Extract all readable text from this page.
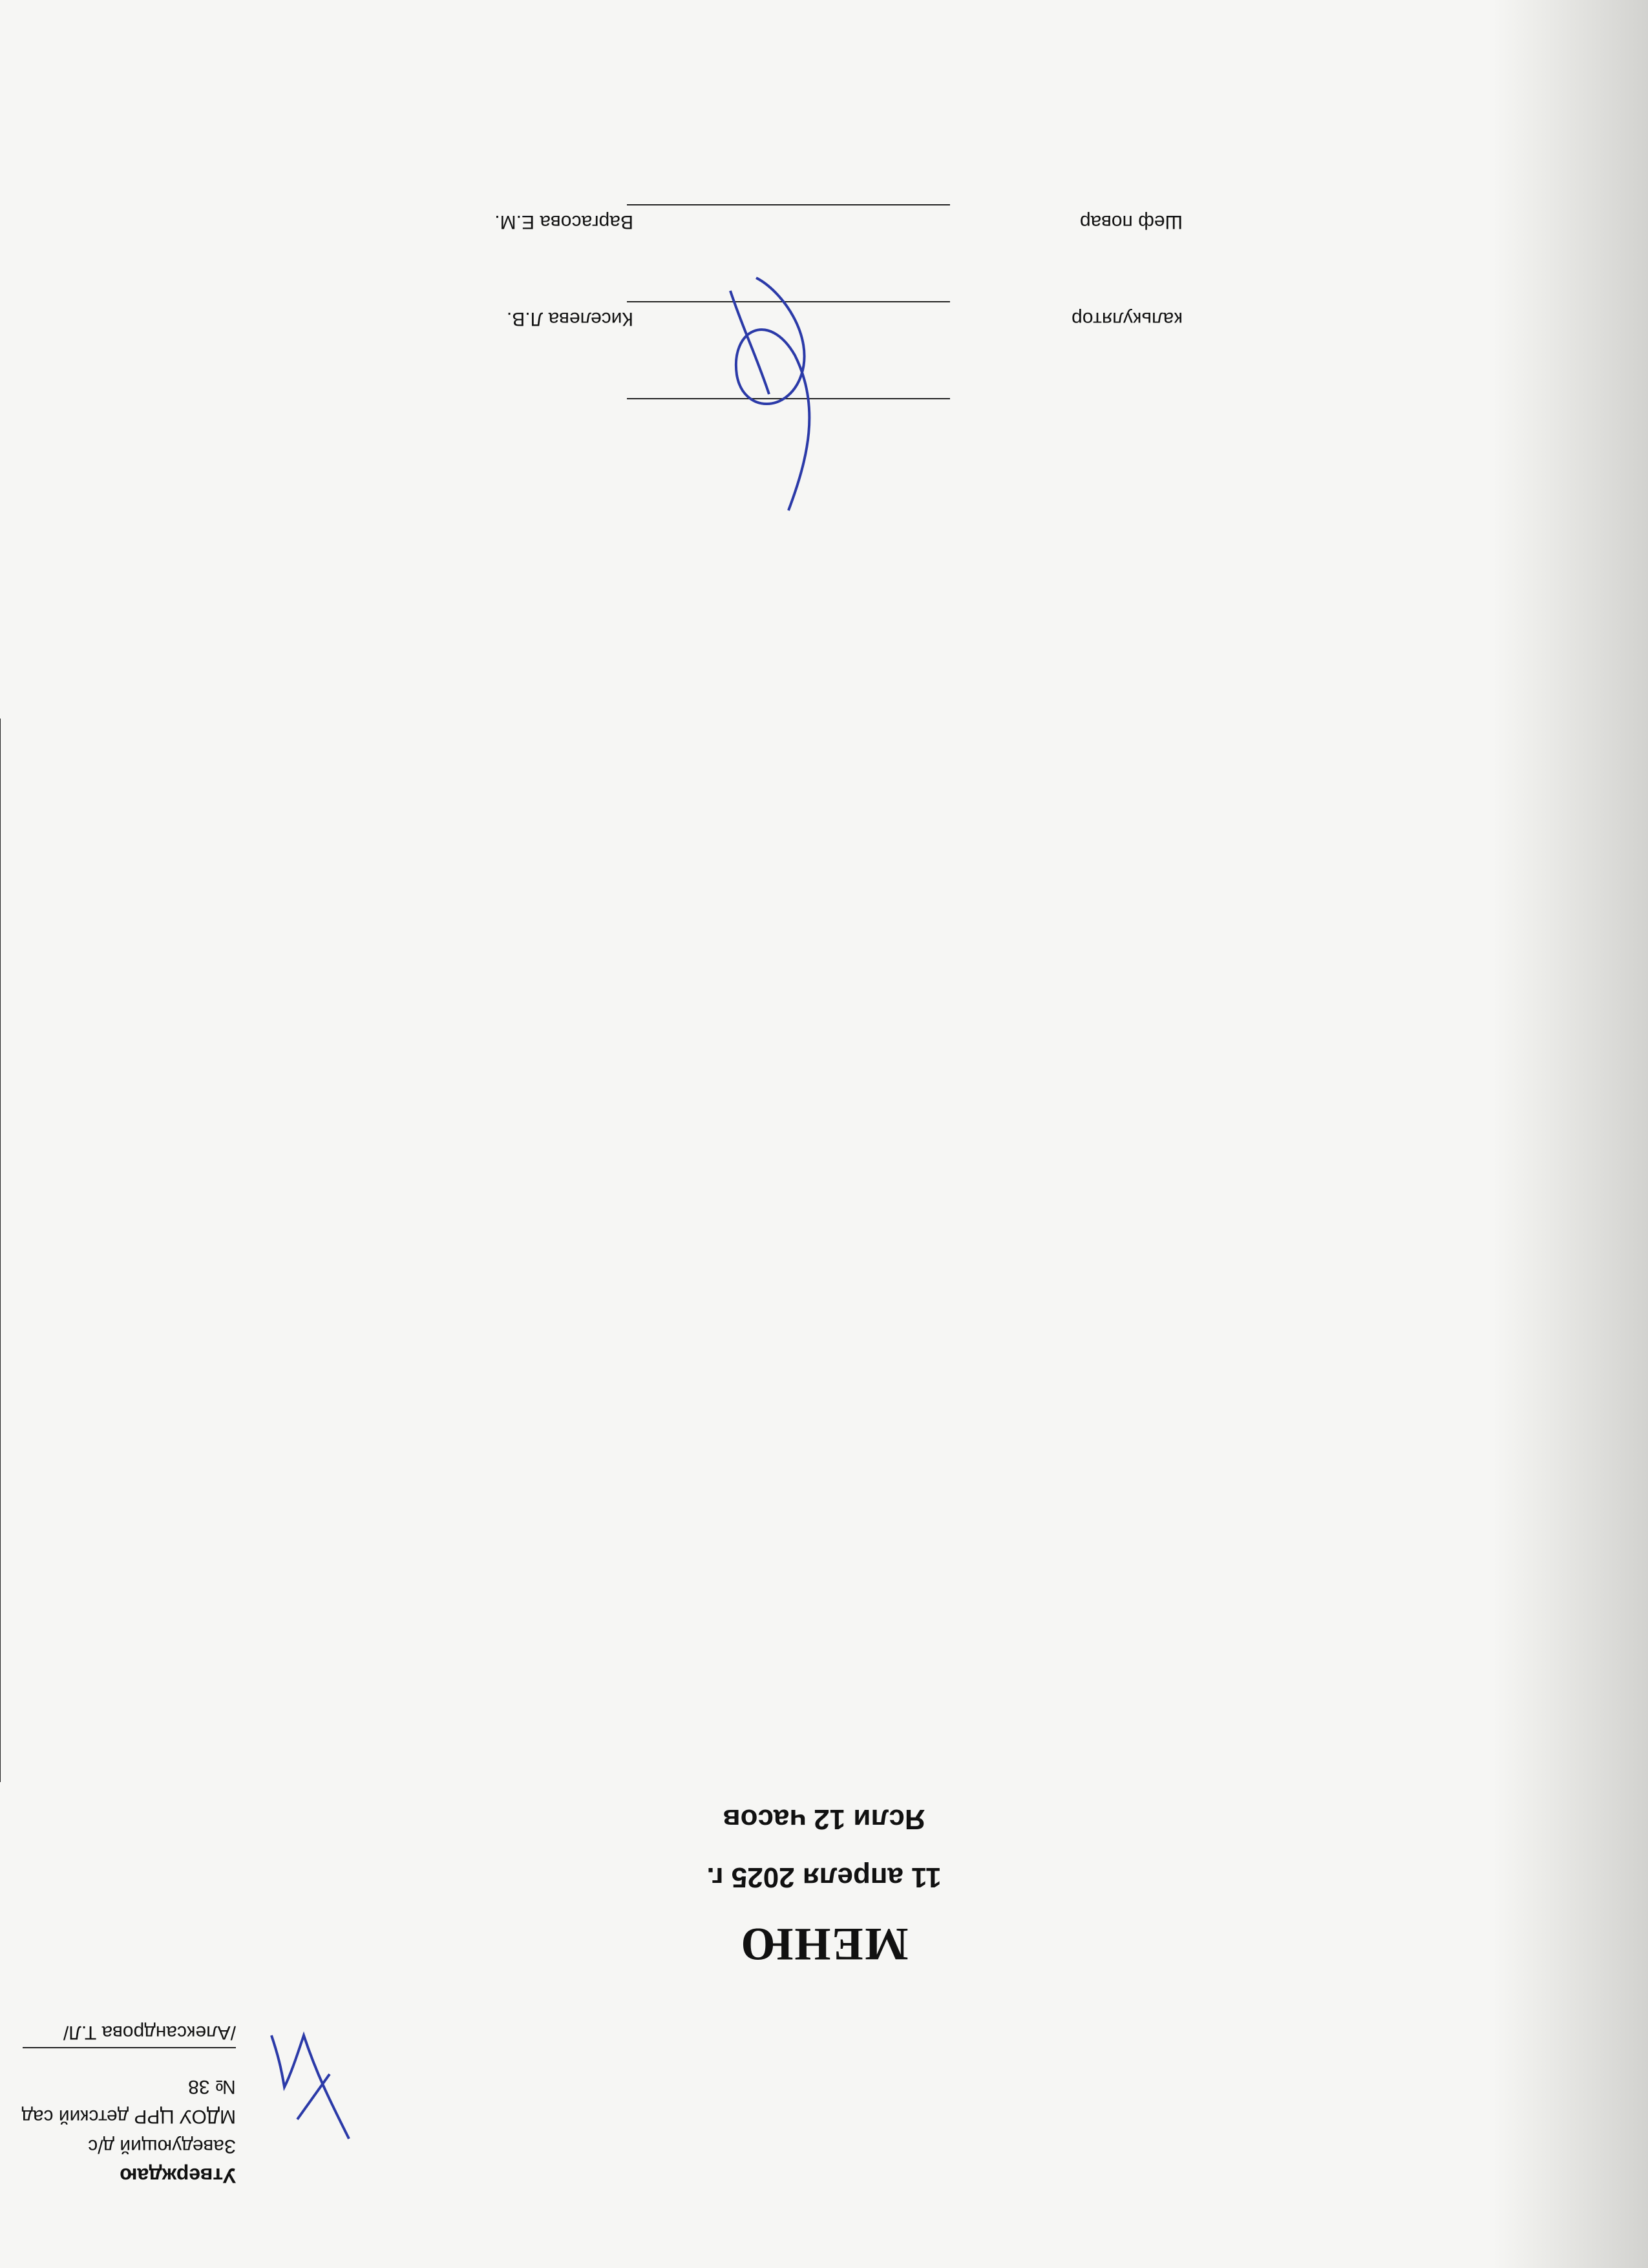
Утверждаю
Заведующий д/с
МДОУ ЦРР детский сад № 38
/Александрова Т.Л/
МЕНЮ
11 апреля 2025 г.
Ясли 12 часов

калькулятор
Киселева Л.В.
Шеф повар
Варгасова Е.М.
